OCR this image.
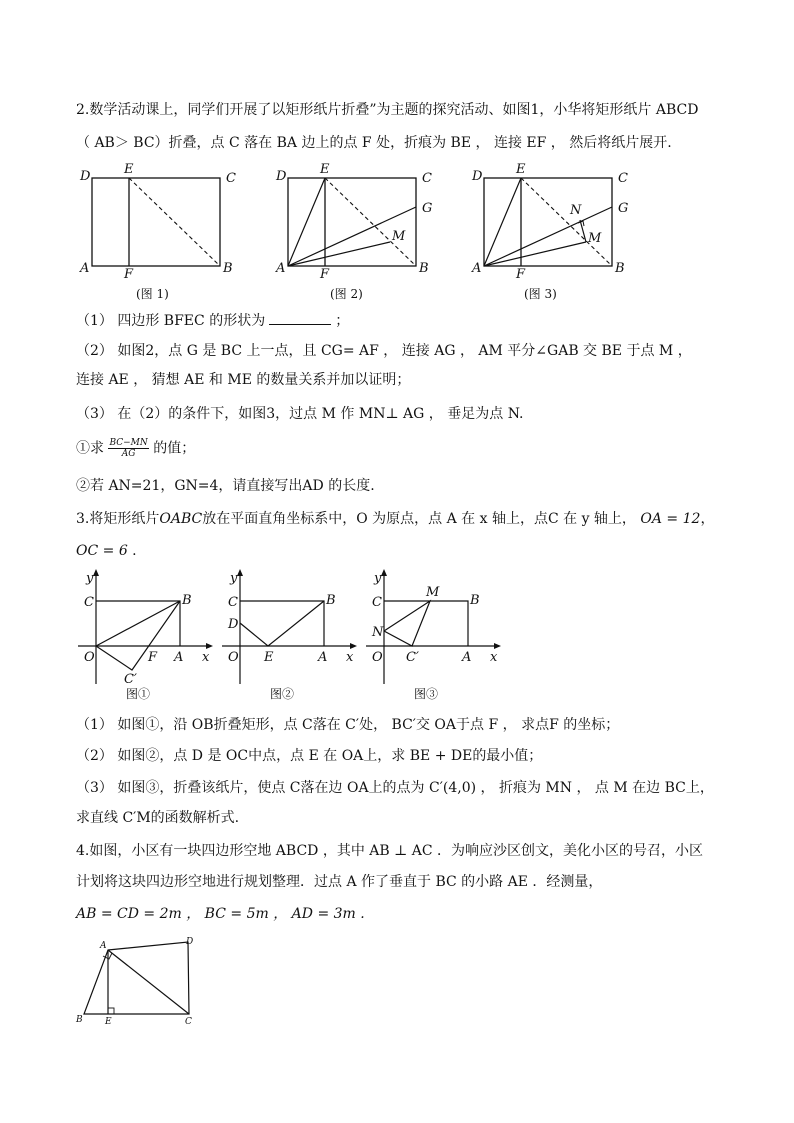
2.数学活动课上，同学们开展了以矩形纸片折叠”为主题的探究活动、如图1，小华将矩形纸片 ABCD
（ AB＞ BC）折叠，点 C 落在 BA 边上的点 F 处，折痕为 BE ， 连接 EF ， 然后将纸片展开.
D	E
C
A	F	B
(图 1)
D	E
C
G
M
A	F	B
(图 2)
D	E
C
G
N
M
A	F	B
(图 3)
（1） 四边形 BFEC 的形状为	；
（2） 如图2，点 G 是 BC 上一点，且 CG= AF ， 连接 AG ， AM 平分∠GAB 交 BE 于点 M ，
连接 AE ， 猜想 AE 和 ME 的数量关系并加以证明；
（3） 在（2）的条件下，如图3，过点 M 作 MN⊥ AG ， 垂足为点 N.
①求 $\frac{BC-MN}{AG}$ 的值；
②若 AN=21，GN=4，请直接写出AD 的长度.
3.将矩形纸片OABC放在平面直角坐标系中，O 为原点，点 A 在 x 轴上，点C 在 y 轴上， OA = 12，
OC = 6 .
y
x
O
C	B
A
F
C′
图①
y
x
O
C
D
B
A
E
图②
y
x
O
C
N
M
B
A
C′
图③
（1） 如图①，沿 OB折叠矩形，点 C落在 C′处， BC′交 OA于点 F ， 求点F 的坐标；
（2） 如图②，点 D 是 OC中点，点 E 在 OA上，求 BE + DE的最小值；
（3） 如图③，折叠该纸片，使点 C落在边 OA上的点为 C′(4,0) ， 折痕为 MN ， 点 M 在边 BC上，
求直线 C′M的函数解析式.
4.如图，小区有一块四边形空地 ABCD ，其中 AB ⊥ AC ．为响应沙区创文，美化小区的号召，小区
计划将这块四边形空地进行规划整理．过点 A 作了垂直于 BC 的小路 AE ．经测量，
AB = CD = 2m ， BC = 5m ， AD = 3m .
A	D
B E	C
